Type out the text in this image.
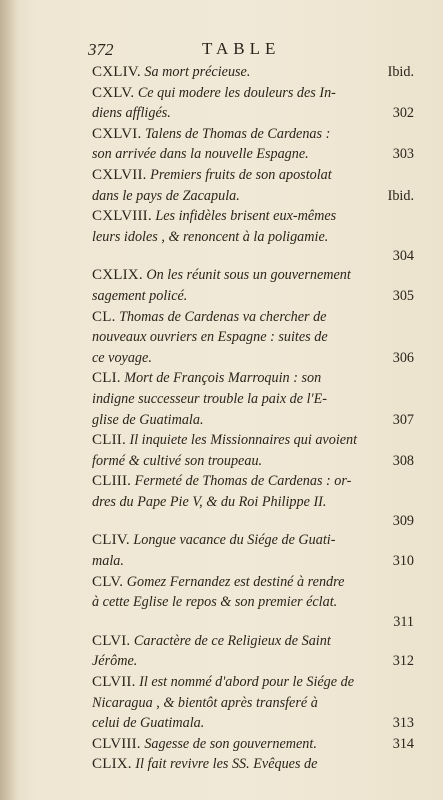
372	TABLE
CXLIV. Sa mort précieuse.	Ibid.
CXLV. Ce qui modere les douleurs des In-
diens affligés.	302
CXLVI. Talens de Thomas de Cardenas :
son arrivée dans la nouvelle Espagne.	303
CXLVII. Premiers fruits de son apostolat
dans le pays de Zacapula.	Ibid.
CXLVIII. Les infidèles brisent eux-mêmes
leurs idoles , & renoncent à la poligamie.
304
CXLIX. On les réunit sous un gouvernement
sagement policé.	305
CL. Thomas de Cardenas va chercher de
nouveaux ouvriers en Espagne : suites de
ce voyage.	306
CLI. Mort de François Marroquin : son
indigne successeur trouble la paix de l'E-
glise de Guatimala.	307
CLII. Il inquiete les Missionnaires qui avoient
formé & cultivé son troupeau.	308
CLIII. Fermeté de Thomas de Cardenas : or-
dres du Pape Pie V, & du Roi Philippe II.
309
CLIV. Longue vacance du Siége de Guati-
mala.	310
CLV. Gomez Fernandez est destiné à rendre
à cette Eglise le repos & son premier éclat.
311
CLVI. Caractère de ce Religieux de Saint
Jérôme.	312
CLVII. Il est nommé d'abord pour le Siége de
Nicaragua , & bientôt après transferé à
celui de Guatimala.	313
CLVIII. Sagesse de son gouvernement.	314
CLIX. Il fait revivre les SS. Evêques de
